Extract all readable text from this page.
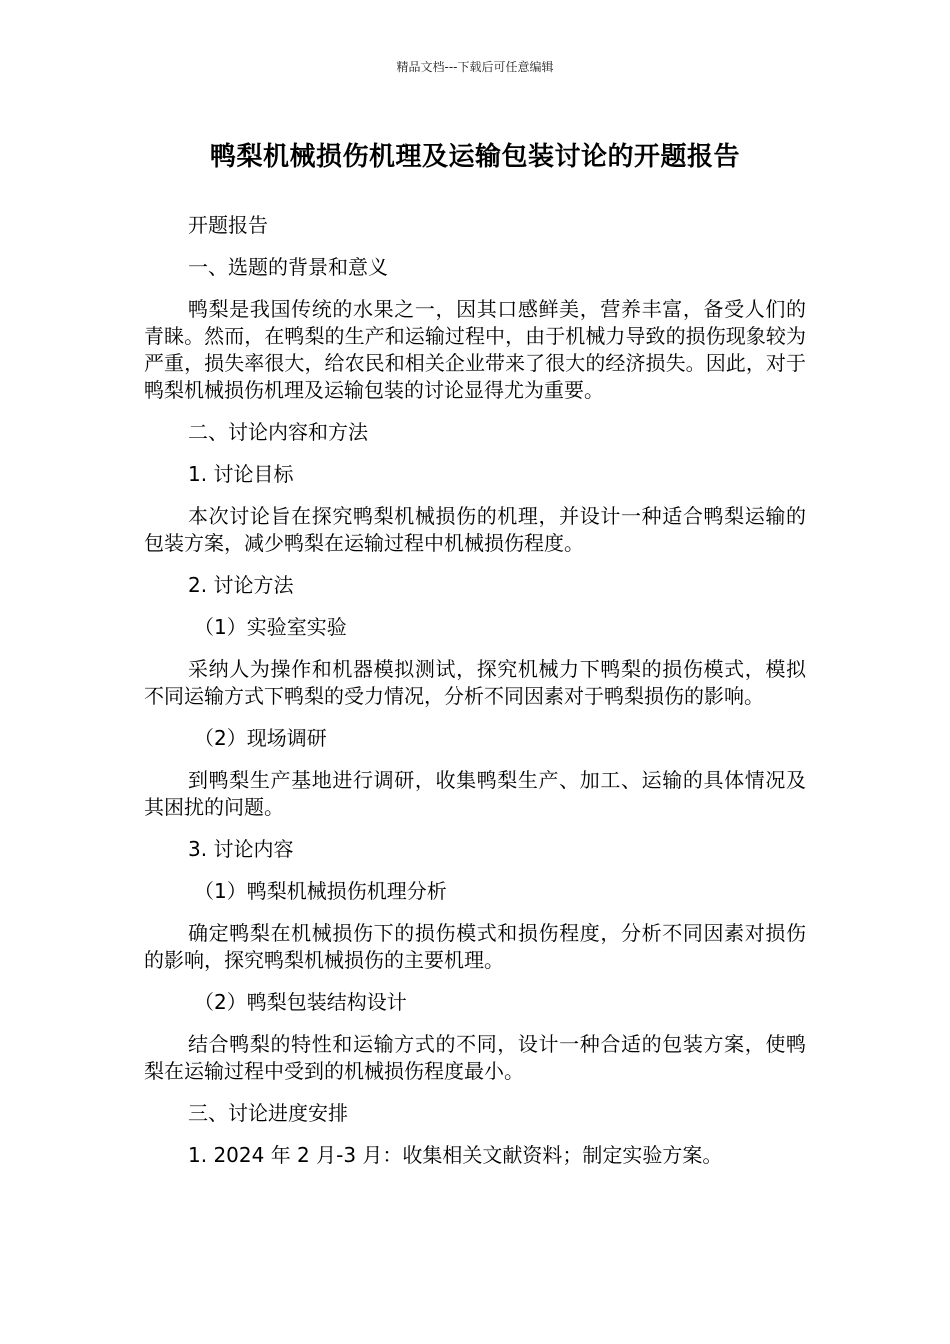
精品文档---下载后可任意编辑
鸭梨机械损伤机理及运输包装讨论的开题报告

开题报告

一、选题的背景和意义

鸭梨是我国传统的水果之一，因其口感鲜美，营养丰富，备受人们的青睐。然而，在鸭梨的生产和运输过程中，由于机械力导致的损伤现象较为严重，损失率很大，给农民和相关企业带来了很大的经济损失。因此，对于鸭梨机械损伤机理及运输包装的讨论显得尤为重要。

二、讨论内容和方法

1. 讨论目标

本次讨论旨在探究鸭梨机械损伤的机理，并设计一种适合鸭梨运输的包装方案，减少鸭梨在运输过程中机械损伤程度。

2. 讨论方法

（1）实验室实验

采纳人为操作和机器模拟测试，探究机械力下鸭梨的损伤模式，模拟不同运输方式下鸭梨的受力情况，分析不同因素对于鸭梨损伤的影响。

（2）现场调研

到鸭梨生产基地进行调研，收集鸭梨生产、加工、运输的具体情况及其困扰的问题。

3. 讨论内容

（1）鸭梨机械损伤机理分析

确定鸭梨在机械损伤下的损伤模式和损伤程度，分析不同因素对损伤的影响，探究鸭梨机械损伤的主要机理。

（2）鸭梨包装结构设计

结合鸭梨的特性和运输方式的不同，设计一种合适的包装方案，使鸭梨在运输过程中受到的机械损伤程度最小。

三、讨论进度安排

1. 2024 年 2 月-3 月：收集相关文献资料；制定实验方案。
